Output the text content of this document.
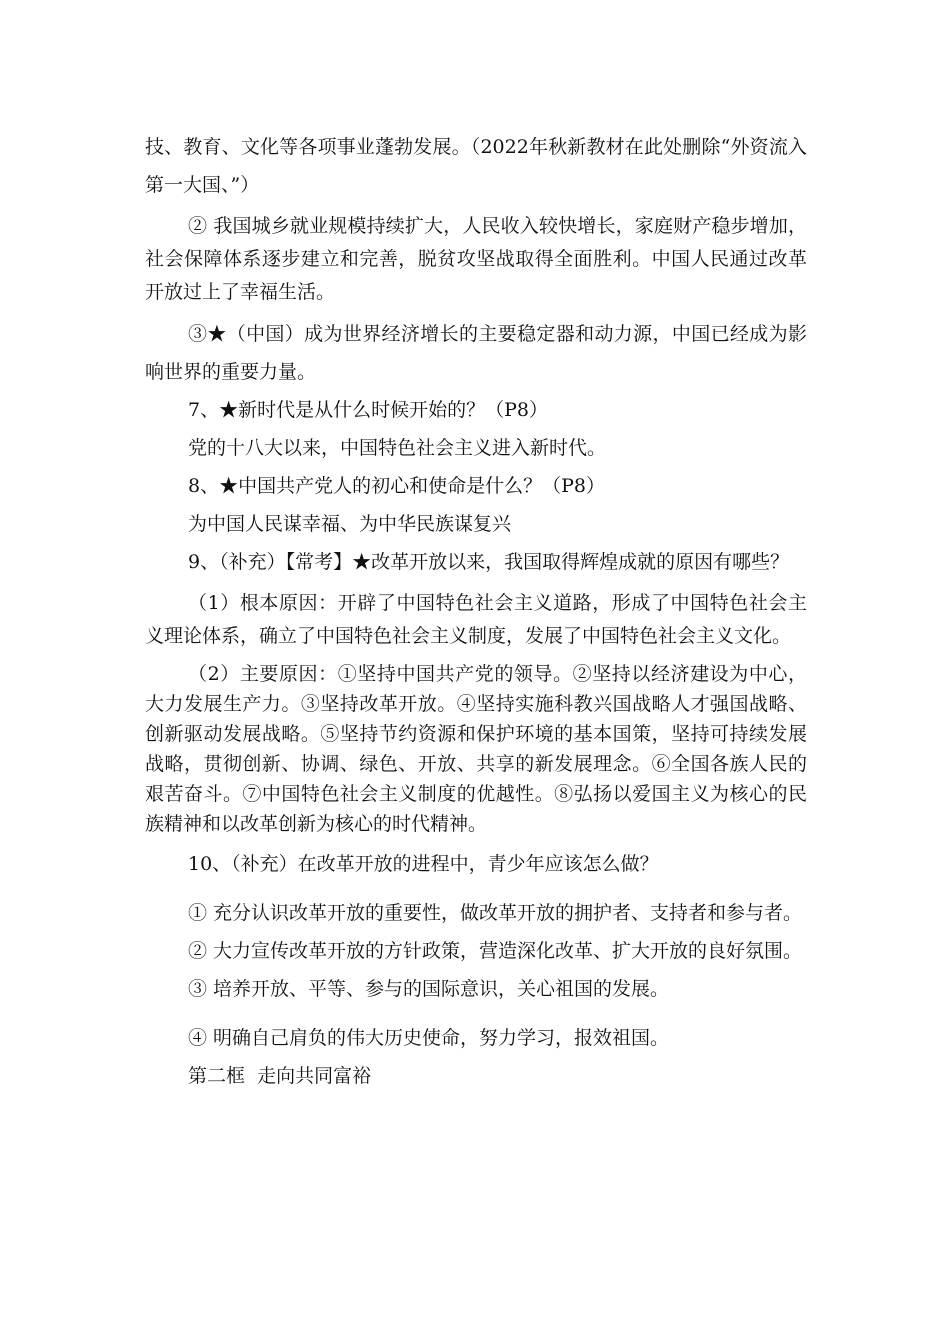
技、教育、文化等各项事业蓬勃发展。（2022年秋新教材在此处删除“外资流入第一大国、”）

② 我国城乡就业规模持续扩大，人民收入较快增长，家庭财产稳步增加，社会保障体系逐步建立和完善，脱贫攻坚战取得全面胜利。中国人民通过改革开放过上了幸福生活。

③★（中国）成为世界经济增长的主要稳定器和动力源，中国已经成为影响世界的重要力量。

7、★新时代是从什么时候开始的？（P8）

党的十八大以来，中国特色社会主义进入新时代。

8、★中国共产党人的初心和使命是什么？（P8）

为中国人民谋幸福、为中华民族谋复兴

9、（补充）【常考】★改革开放以来，我国取得辉煌成就的原因有哪些？

（1）根本原因：开辟了中国特色社会主义道路，形成了中国特色社会主义理论体系，确立了中国特色社会主义制度，发展了中国特色社会主义文化。

（2）主要原因：①坚持中国共产党的领导。②坚持以经济建设为中心，大力发展生产力。③坚持改革开放。④坚持实施科教兴国战略人才强国战略、创新驱动发展战略。⑤坚持节约资源和保护环境的基本国策，坚持可持续发展战略，贯彻创新、协调、绿色、开放、共享的新发展理念。⑥全国各族人民的艰苦奋斗。⑦中国特色社会主义制度的优越性。⑧弘扬以爱国主义为核心的民族精神和以改革创新为核心的时代精神。

10、（补充）在改革开放的进程中，青少年应该怎么做？

① 充分认识改革开放的重要性，做改革开放的拥护者、支持者和参与者。

② 大力宣传改革开放的方针政策，营造深化改革、扩大开放的良好氛围。

③ 培养开放、平等、参与的国际意识，关心祖国的发展。

④ 明确自己肩负的伟大历史使命，努力学习，报效祖国。

第二框  走向共同富裕
